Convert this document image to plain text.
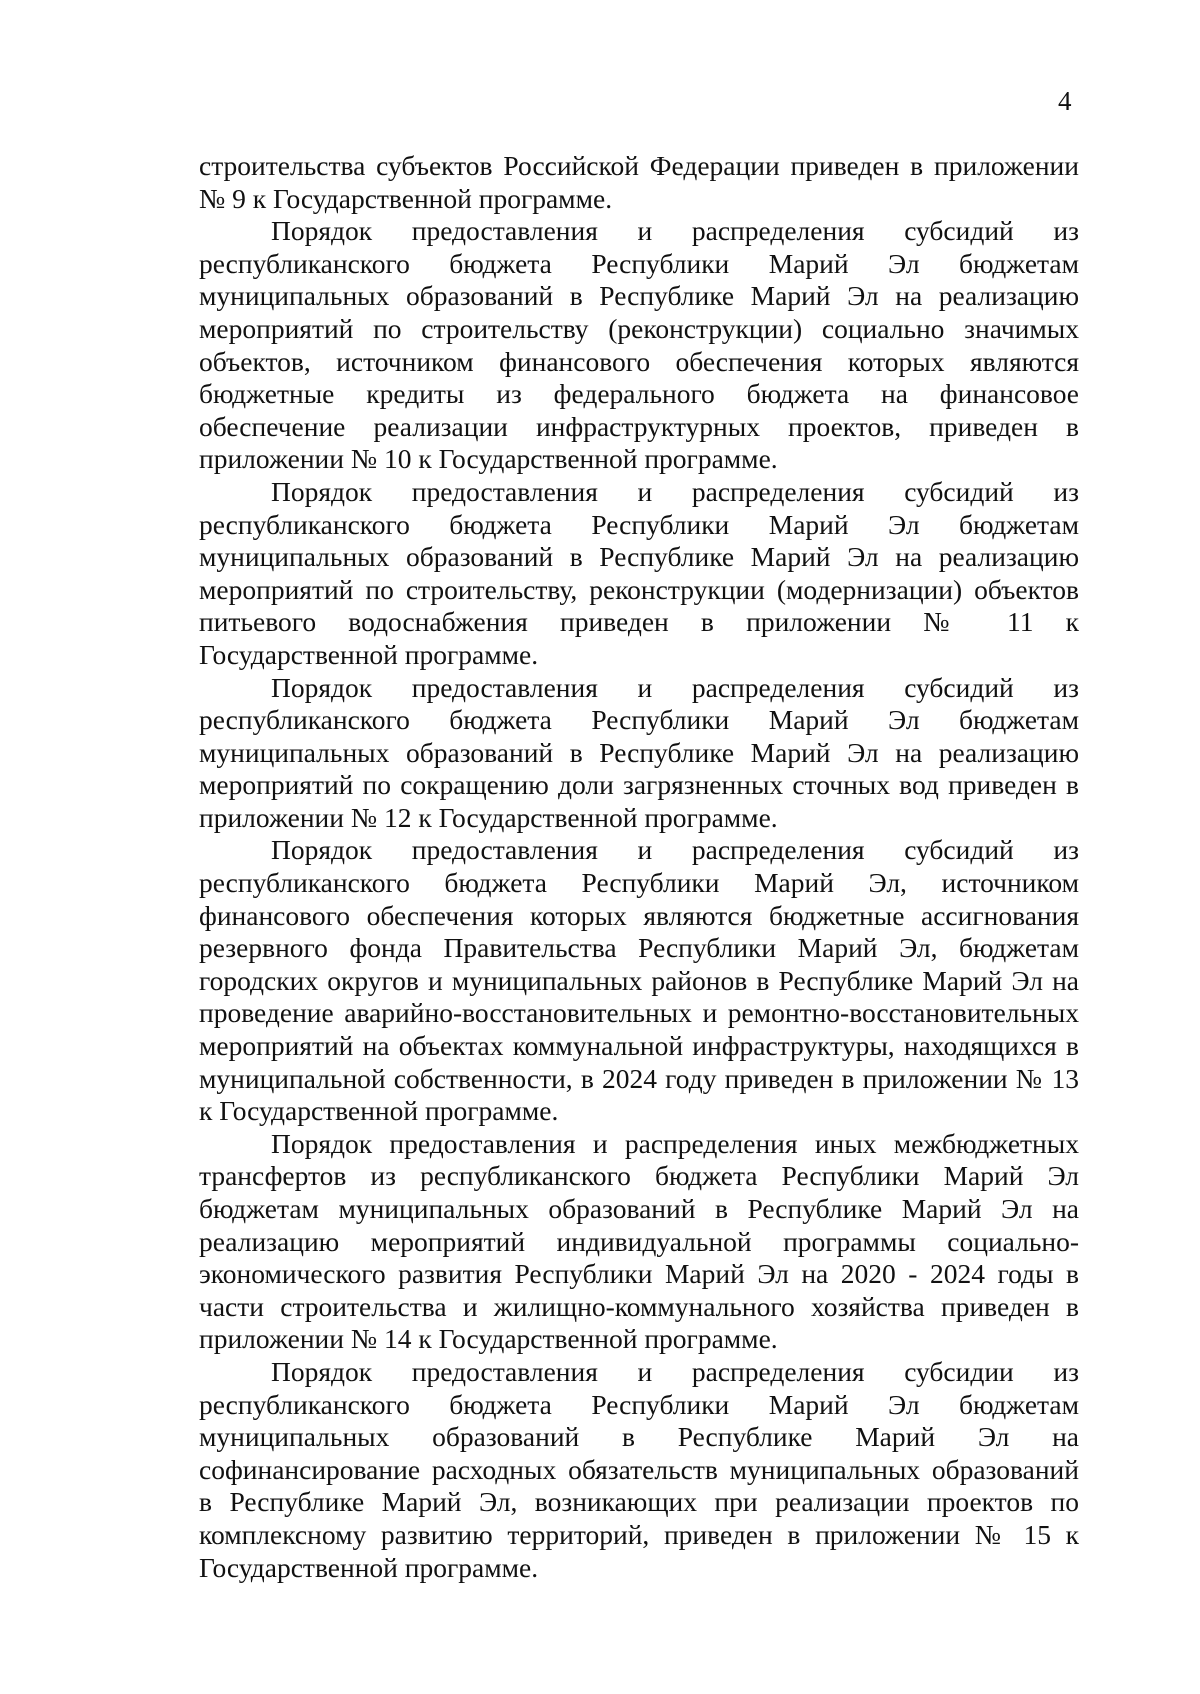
4

строительства субъектов Российской Федерации приведен в приложении № 9 к Государственной программе.

Порядок предоставления и распределения субсидий из республиканского бюджета Республики Марий Эл бюджетам муниципальных образований в Республике Марий Эл на реализацию мероприятий по строительству (реконструкции) социально значимых объектов, источником финансового обеспечения которых являются бюджетные кредиты из федерального бюджета на финансовое обеспечение реализации инфраструктурных проектов, приведен в приложении № 10 к Государственной программе.

Порядок предоставления и распределения субсидий из республиканского бюджета Республики Марий Эл бюджетам муниципальных образований в Республике Марий Эл на реализацию мероприятий по строительству, реконструкции (модернизации) объектов питьевого водоснабжения приведен в приложении № 11 к Государственной программе.

Порядок предоставления и распределения субсидий из республиканского бюджета Республики Марий Эл бюджетам муниципальных образований в Республике Марий Эл на реализацию мероприятий по сокращению доли загрязненных сточных вод приведен в приложении № 12 к Государственной программе.

Порядок предоставления и распределения субсидий из республиканского бюджета Республики Марий Эл, источником финансового обеспечения которых являются бюджетные ассигнования резервного фонда Правительства Республики Марий Эл, бюджетам городских округов и муниципальных районов в Республике Марий Эл на проведение аварийно-восстановительных и ремонтно-восстановительных мероприятий на объектах коммунальной инфраструктуры, находящихся в муниципальной собственности, в 2024 году приведен в приложении № 13 к Государственной программе.

Порядок предоставления и распределения иных межбюджетных трансфертов из республиканского бюджета Республики Марий Эл бюджетам муниципальных образований в Республике Марий Эл на реализацию мероприятий индивидуальной программы социально-экономического развития Республики Марий Эл на 2020 - 2024 годы в части строительства и жилищно-коммунального хозяйства приведен в приложении № 14 к Государственной программе.

Порядок предоставления и распределения субсидии из республиканского бюджета Республики Марий Эл бюджетам муниципальных образований в Республике Марий Эл на софинансирование расходных обязательств муниципальных образований в Республике Марий Эл, возникающих при реализации проектов по комплексному развитию территорий, приведен в приложении № 15 к Государственной программе.
